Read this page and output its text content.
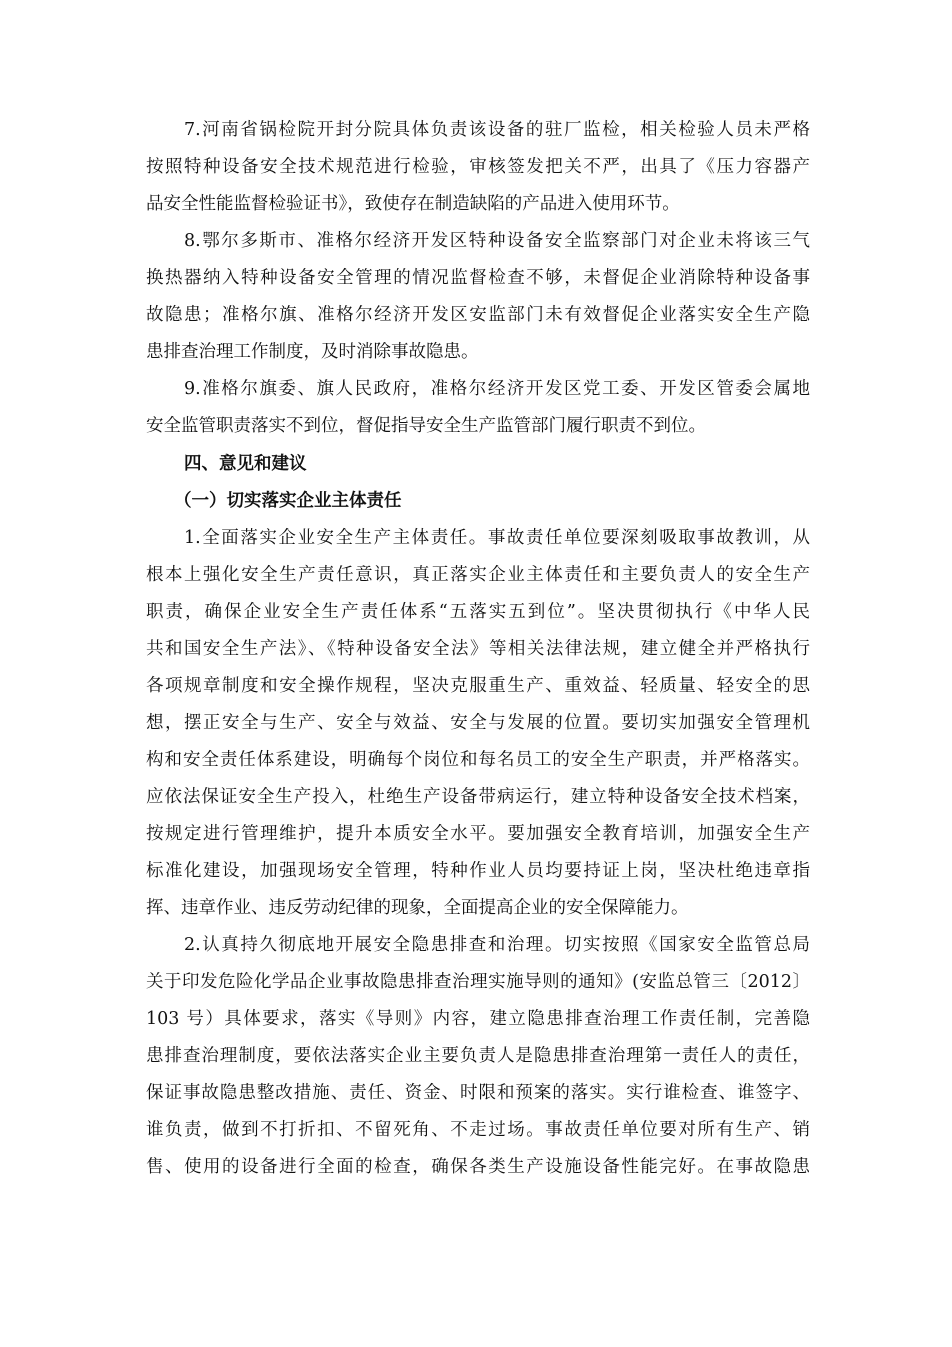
7.河南省锅检院开封分院具体负责该设备的驻厂监检，相关检验人员未严格
按照特种设备安全技术规范进行检验，审核签发把关不严，出具了《压力容器产
品安全性能监督检验证书》，致使存在制造缺陷的产品进入使用环节。
8.鄂尔多斯市、准格尔经济开发区特种设备安全监察部门对企业未将该三气
换热器纳入特种设备安全管理的情况监督检查不够，未督促企业消除特种设备事
故隐患；准格尔旗、准格尔经济开发区安监部门未有效督促企业落实安全生产隐
患排查治理工作制度，及时消除事故隐患。
9.准格尔旗委、旗人民政府，准格尔经济开发区党工委、开发区管委会属地
安全监管职责落实不到位，督促指导安全生产监管部门履行职责不到位。
四、意见和建议
（一）切实落实企业主体责任
1.全面落实企业安全生产主体责任。事故责任单位要深刻吸取事故教训，从
根本上强化安全生产责任意识，真正落实企业主体责任和主要负责人的安全生产
职责，确保企业安全生产责任体系“五落实五到位”。坚决贯彻执行《中华人民
共和国安全生产法》、《特种设备安全法》等相关法律法规，建立健全并严格执行
各项规章制度和安全操作规程，坚决克服重生产、重效益、轻质量、轻安全的思
想，摆正安全与生产、安全与效益、安全与发展的位置。要切实加强安全管理机
构和安全责任体系建设，明确每个岗位和每名员工的安全生产职责，并严格落实。
应依法保证安全生产投入，杜绝生产设备带病运行，建立特种设备安全技术档案，
按规定进行管理维护，提升本质安全水平。要加强安全教育培训，加强安全生产
标准化建设，加强现场安全管理，特种作业人员均要持证上岗，坚决杜绝违章指
挥、违章作业、违反劳动纪律的现象，全面提高企业的安全保障能力。
2.认真持久彻底地开展安全隐患排查和治理。切实按照《国家安全监管总局
关于印发危险化学品企业事故隐患排查治理实施导则的通知》(安监总管三〔2012〕
103 号）具体要求，落实《导则》内容，建立隐患排查治理工作责任制，完善隐
患排查治理制度，要依法落实企业主要负责人是隐患排查治理第一责任人的责任，
保证事故隐患整改措施、责任、资金、时限和预案的落实。实行谁检查、谁签字、
谁负责，做到不打折扣、不留死角、不走过场。事故责任单位要对所有生产、销
售、使用的设备进行全面的检查，确保各类生产设施设备性能完好。在事故隐患
